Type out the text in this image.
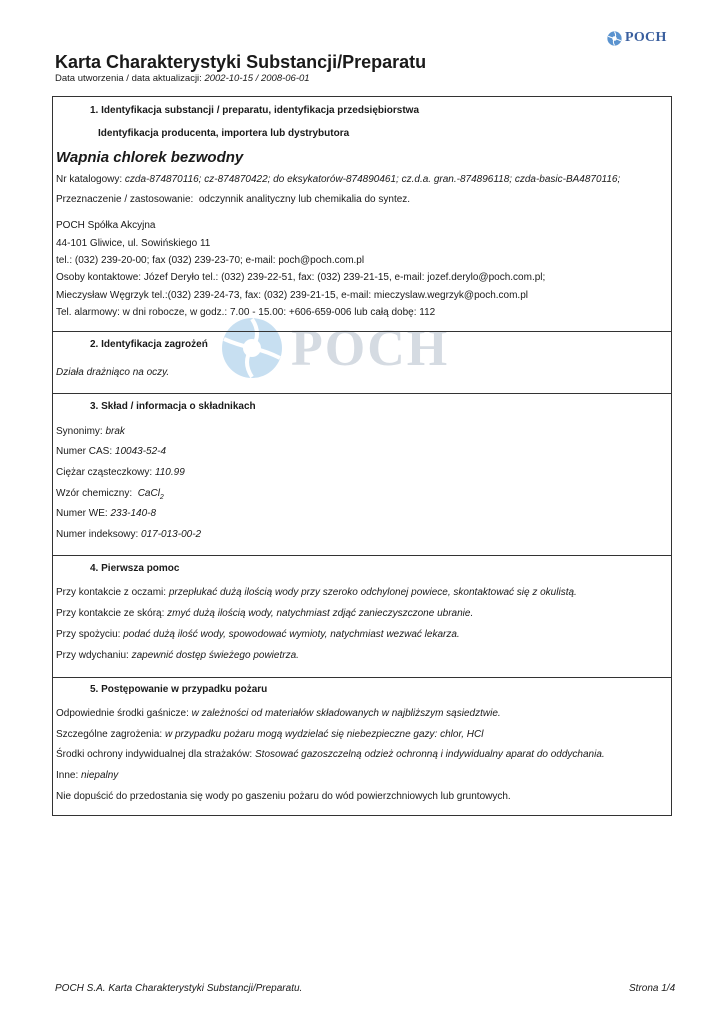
POCH
Karta Charakterystyki Substancji/Preparatu
Data utworzenia / data aktualizacji: 2002-10-15 / 2008-06-01
POCH
1. Identyfikacja substancji / preparatu, identyfikacja przedsiębiorstwa
Identyfikacja producenta, importera lub dystrybutora
Wapnia chlorek bezwodny
Nr katalogowy: czda-874870116; cz-874870422; do eksykatorów-874890461; cz.d.a. gran.-874896118; czda-basic-BA4870116;
Przeznaczenie / zastosowanie: odczynnik analityczny lub chemikalia do syntez.
POCH Spółka Akcyjna
44-101 Gliwice, ul. Sowińskiego 11
tel.: (032) 239-20-00; fax (032) 239-23-70; e-mail: poch@poch.com.pl
Osoby kontaktowe: Józef Deryło tel.: (032) 239-22-51, fax: (032) 239-21-15, e-mail: jozef.derylo@poch.com.pl;
Mieczysław Węgrzyk tel.:(032) 239-24-73, fax: (032) 239-21-15, e-mail: mieczyslaw.wegrzyk@poch.com.pl
Tel. alarmowy: w dni robocze, w godz.: 7.00 - 15.00: +606-659-006 lub całą dobę: 112
2. Identyfikacja zagrożeń
Działa drażniąco na oczy.
3. Skład / informacja o składnikach
Synonimy: brak
Numer CAS: 10043-52-4
Ciężar cząsteczkowy: 110.99
Wzór chemiczny: CaCl$_2$
Numer WE: 233-140-8
Numer indeksowy: 017-013-00-2
4. Pierwsza pomoc
Przy kontakcie z oczami: przepłukać dużą ilością wody przy szeroko odchylonej powiece, skontaktować się z okulistą.
Przy kontakcie ze skórą: zmyć dużą ilością wody, natychmiast zdjąć zanieczyszczone ubranie.
Przy spożyciu: podać dużą ilość wody, spowodować wymioty, natychmiast wezwać lekarza.
Przy wdychaniu: zapewnić dostęp świeżego powietrza.
5. Postępowanie w przypadku pożaru
Odpowiednie środki gaśnicze: w zależności od materiałów składowanych w najbliższym sąsiedztwie.
Szczególne zagrożenia: w przypadku pożaru mogą wydzielać się niebezpieczne gazy: chlor, HCl
Środki ochrony indywidualnej dla strażaków: Stosować gazoszczelną odzież ochronną i indywidualny aparat do oddychania.
Inne: niepalny
Nie dopuścić do przedostania się wody po gaszeniu pożaru do wód powierzchniowych lub gruntowych.
POCH S.A. Karta Charakterystyki Substancji/Preparatu.	Strona 1/4
